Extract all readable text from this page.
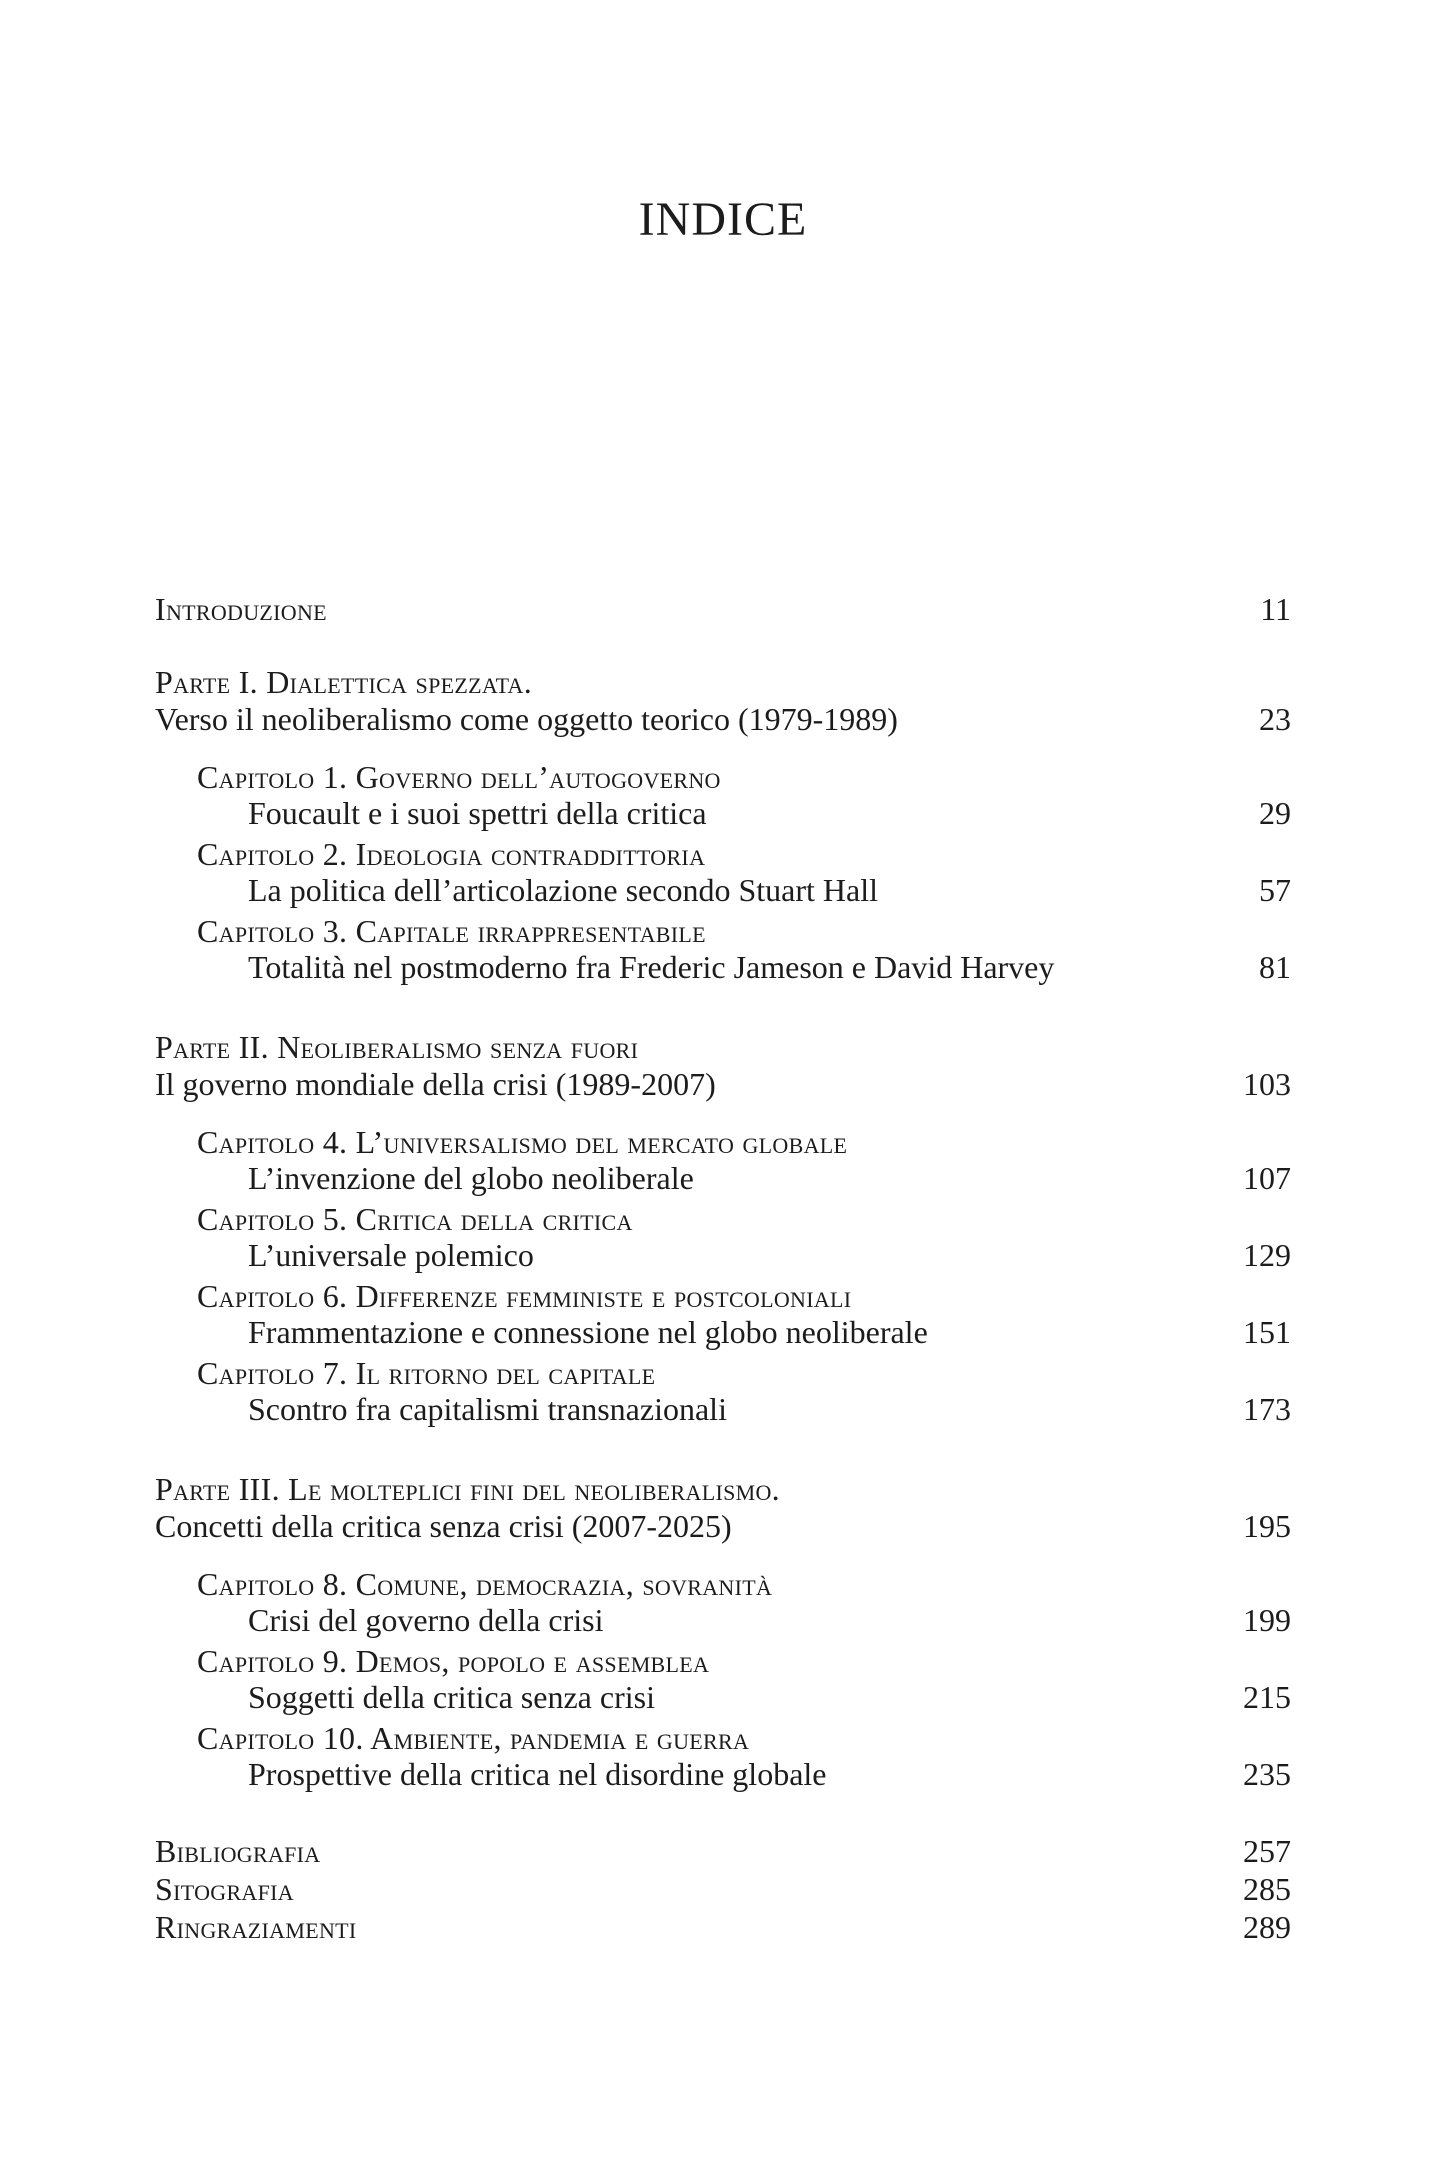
INDICE
Introduzione	11
Parte I. Dialettica spezzata.
Verso il neoliberalismo come oggetto teorico (1979-1989)	23
Capitolo 1. Governo dell’autogoverno
Foucault e i suoi spettri della critica	29
Capitolo 2. Ideologia contraddittoria
La politica dell’articolazione secondo Stuart Hall	57
Capitolo 3. Capitale irrappresentabile
Totalità nel postmoderno fra Frederic Jameson e David Harvey	81
Parte II. Neoliberalismo senza fuori
Il governo mondiale della crisi (1989-2007)	103
Capitolo 4. L’universalismo del mercato globale
L’invenzione del globo neoliberale	107
Capitolo 5. Critica della critica
L’universale polemico	129
Capitolo 6. Differenze femministe e postcoloniali
Frammentazione e connessione nel globo neoliberale	151
Capitolo 7. Il ritorno del capitale
Scontro fra capitalismi transnazionali	173
Parte III. Le molteplici fini del neoliberalismo.
Concetti della critica senza crisi (2007-2025)	195
Capitolo 8. Comune, democrazia, sovranità
Crisi del governo della crisi	199
Capitolo 9. Demos, popolo e assemblea
Soggetti della critica senza crisi	215
Capitolo 10. Ambiente, pandemia e guerra
Prospettive della critica nel disordine globale	235
Bibliografia	257
Sitografia	285
Ringraziamenti	289
